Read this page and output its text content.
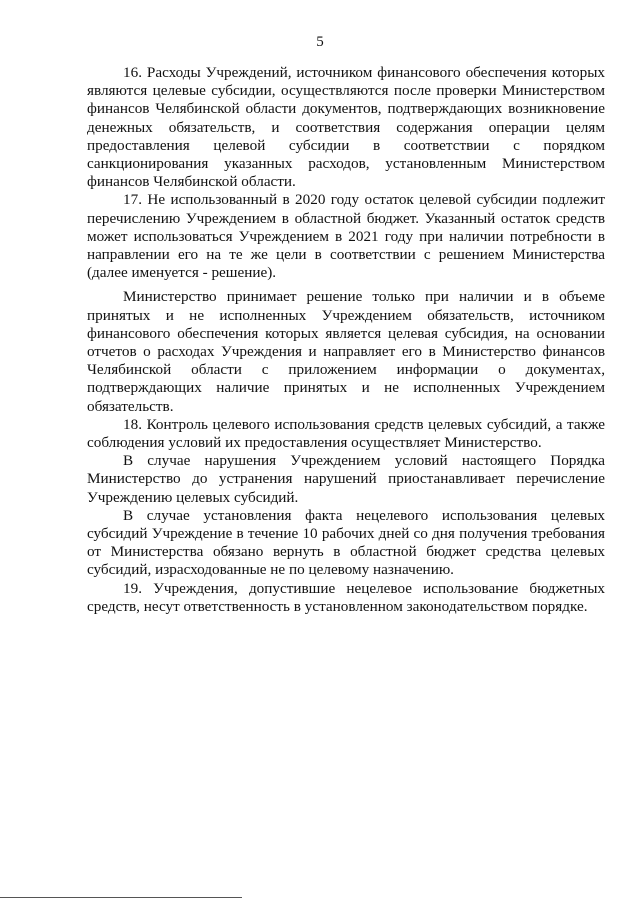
5

16. Расходы Учреждений, источником финансового обеспечения которых являются целевые субсидии, осуществляются после проверки Министерством финансов Челябинской области документов, подтверждающих возникновение денежных обязательств, и соответствия содержания операции целям предоставления целевой субсидии в соответствии с порядком санкционирования указанных расходов, установленным Министерством финансов Челябинской области.

17. Не использованный в 2020 году остаток целевой субсидии подлежит перечислению Учреждением в областной бюджет. Указанный остаток средств может использоваться Учреждением в 2021 году при наличии потребности в направлении его на те же цели в соответствии с решением Министерства (далее именуется - решение).

Министерство принимает решение только при наличии и в объеме принятых и не исполненных Учреждением обязательств, источником финансового обеспечения которых является целевая субсидия, на основании отчетов о расходах Учреждения и направляет его в Министерство финансов Челябинской области с приложением информации о документах, подтверждающих наличие принятых и не исполненных Учреждением обязательств.

18. Контроль целевого использования средств целевых субсидий, а также соблюдения условий их предоставления осуществляет Министерство.

В случае нарушения Учреждением условий настоящего Порядка Министерство до устранения нарушений приостанавливает перечисление Учреждению целевых субсидий.

В случае установления факта нецелевого использования целевых субсидий Учреждение в течение 10 рабочих дней со дня получения требования от Министерства обязано вернуть в областной бюджет средства целевых субсидий, израсходованные не по целевому назначению.

19. Учреждения, допустившие нецелевое использование бюджетных средств, несут ответственность в установленном законодательством порядке.
